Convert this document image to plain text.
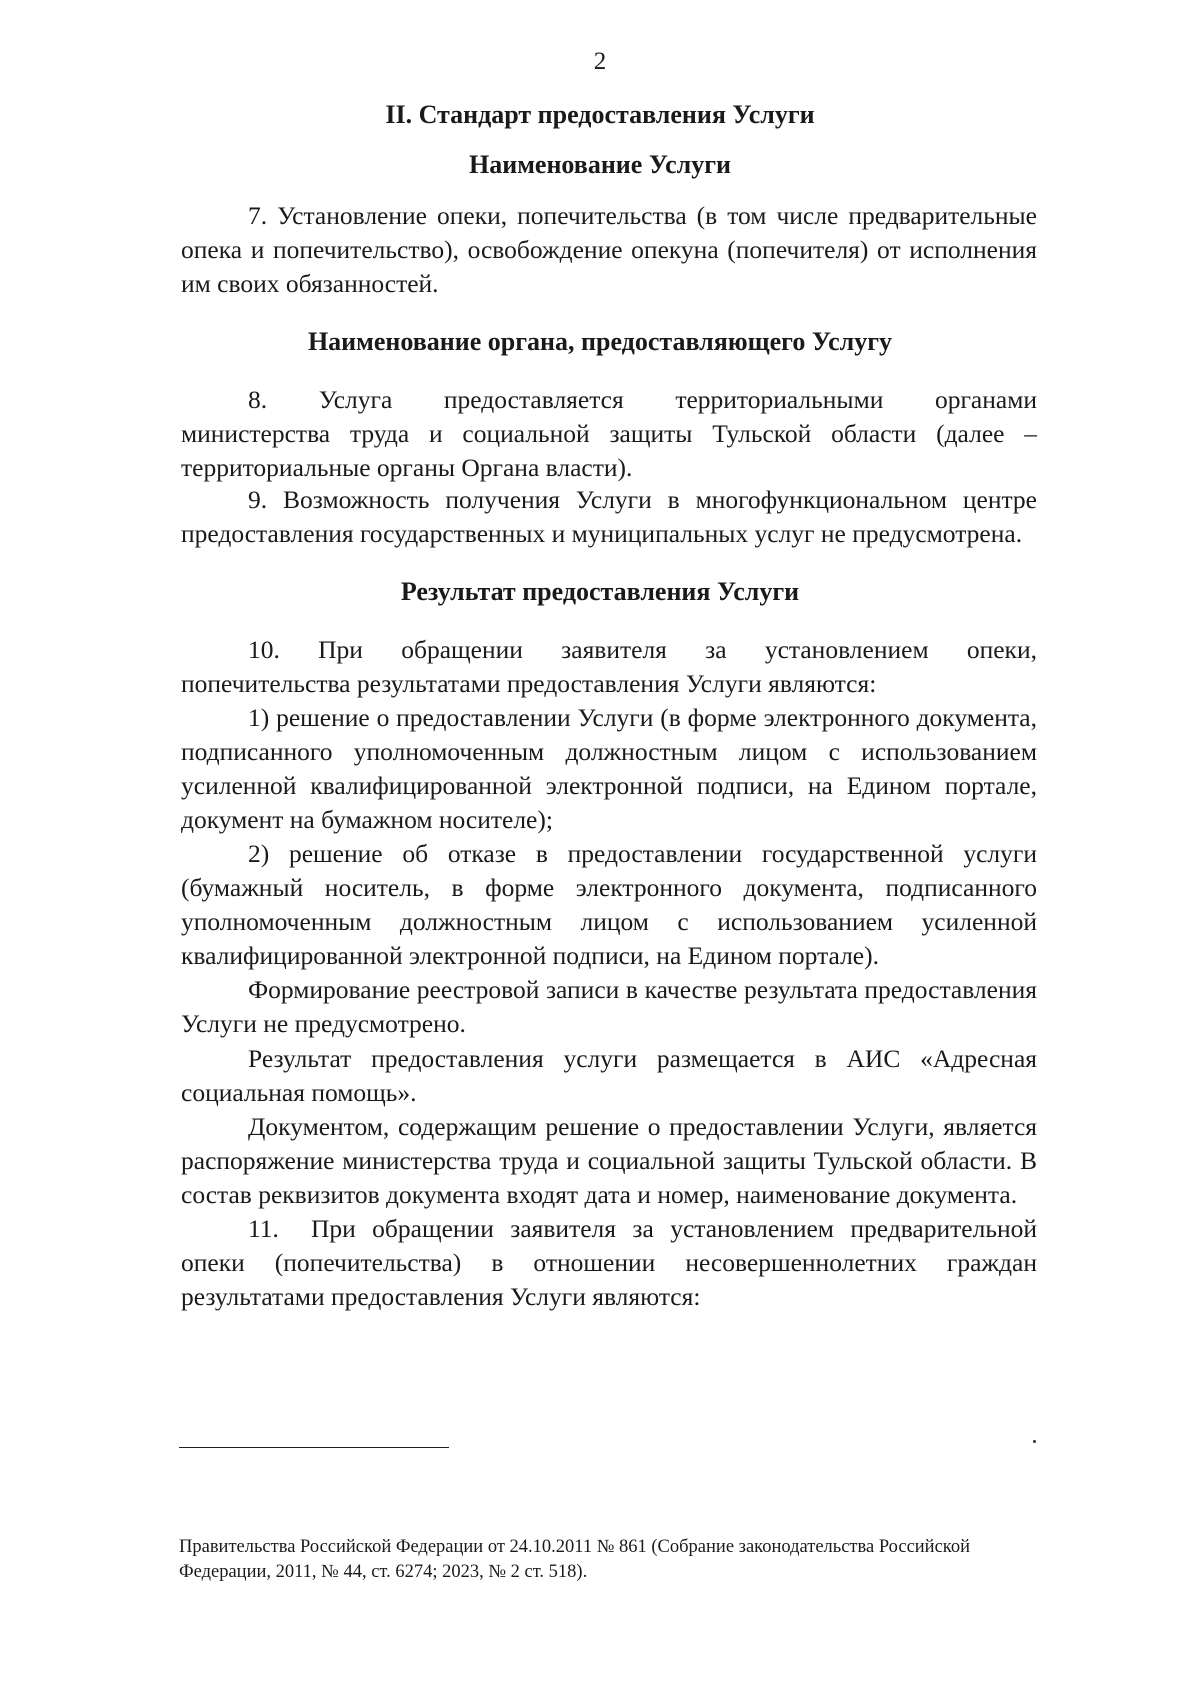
2
II. Стандарт предоставления Услуги
Наименование Услуги

7. Установление опеки, попечительства (в том числе предварительные опека и попечительство), освобождение опекуна (попечителя) от исполнения им своих обязанностей.

Наименование органа, предоставляющего Услугу
8. Услуга предоставляется территориальными органами

министерства труда и социальной защиты Тульской области (далее – территориальные органы Органа власти).

9. Возможность получения Услуги в многофункциональном центре предоставления государственных и муниципальных услуг не предусмотрена.

Результат предоставления Услуги
10. При обращении заявителя за установлением опеки,

попечительства результатами предоставления Услуги являются:

1) решение о предоставлении Услуги (в форме электронного документа, подписанного уполномоченным должностным лицом с использованием усиленной квалифицированной электронной подписи, на Едином портале, документ на бумажном носителе);

2) решение об отказе в предоставлении государственной услуги (бумажный носитель, в форме электронного документа, подписанного уполномоченным должностным лицом с использованием усиленной квалифицированной электронной подписи, на Едином портале).

Формирование реестровой записи в качестве результата предоставления Услуги не предусмотрено.

Результат предоставления услуги размещается в АИС «Адресная социальная помощь».

Документом, содержащим решение о предоставлении Услуги, является распоряжение министерства труда и социальной защиты Тульской области. В состав реквизитов документа входят дата и номер, наименование документа.

11. При обращении заявителя за установлением предварительной
опеки (попечительства) в отношении несовершеннолетних граждан

результатами предоставления Услуги являются:

Правительства Российской Федерации от 24.10.2011 № 861 (Собрание законодательства Российской Федерации, 2011, № 44, ст. 6274; 2023, № 2 ст. 518).
